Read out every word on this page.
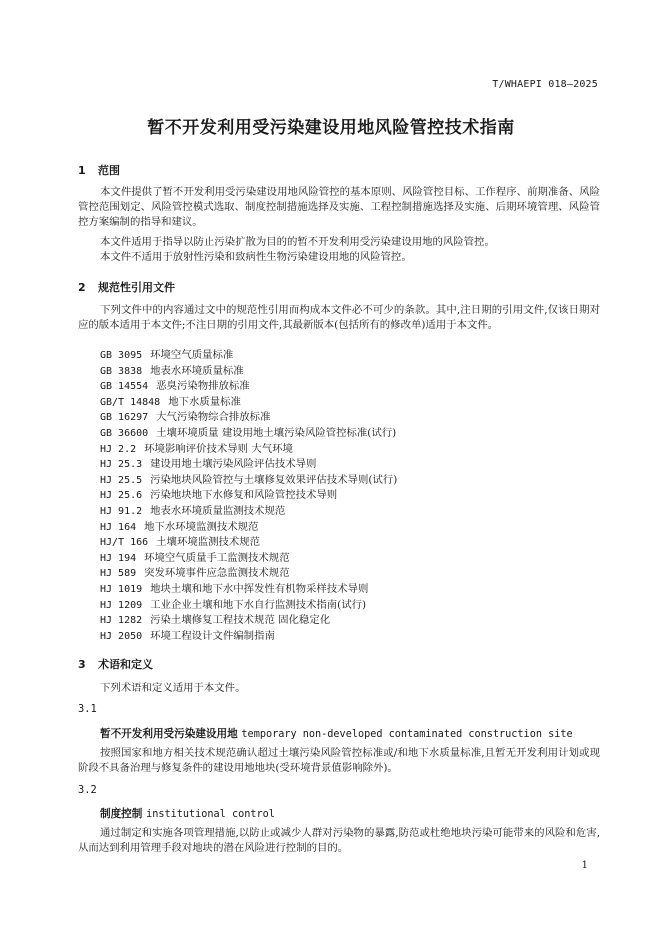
T/WHAEPI 018—2025
暂不开发利用受污染建设用地风险管控技术指南
1 范围
本文件提供了暂不开发利用受污染建设用地风险管控的基本原则、风险管控目标、工作程序、前期准备、风险管控范围划定、风险管控模式选取、制度控制措施选择及实施、工程控制措施选择及实施、后期环境管理、风险管控方案编制的指导和建议。
本文件适用于指导以防止污染扩散为目的的暂不开发利用受污染建设用地的风险管控。
本文件不适用于放射性污染和致病性生物污染建设用地的风险管控。
2 规范性引用文件
下列文件中的内容通过文中的规范性引用而构成本文件必不可少的条款。其中,注日期的引用文件,仅该日期对应的版本适用于本文件;不注日期的引用文件,其最新版本(包括所有的修改单)适用于本文件。
GB 3095 环境空气质量标准
GB 3838 地表水环境质量标准
GB 14554 恶臭污染物排放标准
GB/T 14848 地下水质量标准
GB 16297 大气污染物综合排放标准
GB 36600 土壤环境质量 建设用地土壤污染风险管控标准(试行)
HJ 2.2 环境影响评价技术导则 大气环境
HJ 25.3 建设用地土壤污染风险评估技术导则
HJ 25.5 污染地块风险管控与土壤修复效果评估技术导则(试行)
HJ 25.6 污染地块地下水修复和风险管控技术导则
HJ 91.2 地表水环境质量监测技术规范
HJ 164 地下水环境监测技术规范
HJ/T 166 土壤环境监测技术规范
HJ 194 环境空气质量手工监测技术规范
HJ 589 突发环境事件应急监测技术规范
HJ 1019 地块土壤和地下水中挥发性有机物采样技术导则
HJ 1209 工业企业土壤和地下水自行监测技术指南(试行)
HJ 1282 污染土壤修复工程技术规范 固化稳定化
HJ 2050 环境工程设计文件编制指南
3 术语和定义
下列术语和定义适用于本文件。
3.1
暂不开发利用受污染建设用地 temporary non-developed contaminated construction site
按照国家和地方相关技术规范确认超过土壤污染风险管控标准或/和地下水质量标准,且暂无开发利用计划或现阶段不具备治理与修复条件的建设用地地块(受环境背景值影响除外)。
3.2
制度控制 institutional control
通过制定和实施各项管理措施,以防止或减少人群对污染物的暴露,防范或杜绝地块污染可能带来的风险和危害,从而达到利用管理手段对地块的潜在风险进行控制的目的。
1
